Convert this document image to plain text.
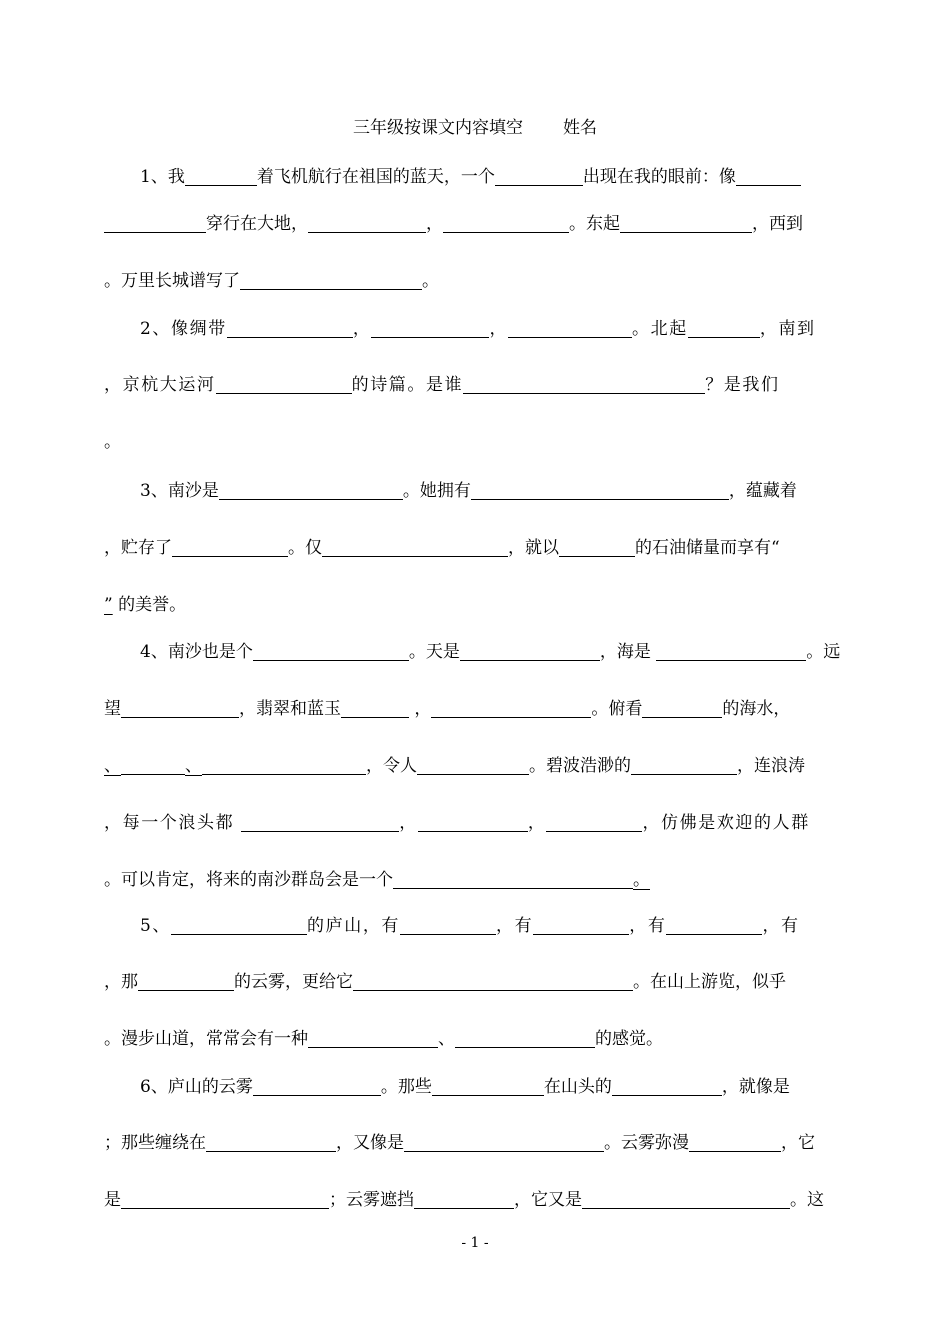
三年级按课文内容填空 姓名
1、我	着飞机航行在祖国的蓝天，一个	出现在我的眼前：像
穿行在大地，	，	。东起	，西到
。万里长城谱写了	。
2、像绸带	，	，	。北起	，南到
，京杭大运河	的诗篇。是谁	？是我们
。
3、南沙是	。她拥有	，蕴藏着
，贮存了	。仅	，就以	的石油储量而享有“
” 的美誉。
4、南沙也是个	。天是	，海是	。远
望	，翡翠和蓝玉	，	。俯看	的海水，
、	、	，令人	。碧波浩渺的	，连浪涛
，每一个浪头都	，	，	，仿佛是欢迎的人群
。可以肯定，将来的南沙群岛会是一个	。
5、	的庐山，有	，有	，有	，有
，那	的云雾，更给它	。在山上游览，似乎
。漫步山道，常常会有一种	、	的感觉。
6、庐山的云雾	。那些	在山头的	，就像是
；那些缠绕在	，又像是	。云雾弥漫	，它
是	；云雾遮挡	，它又是	。这
- 1 -
